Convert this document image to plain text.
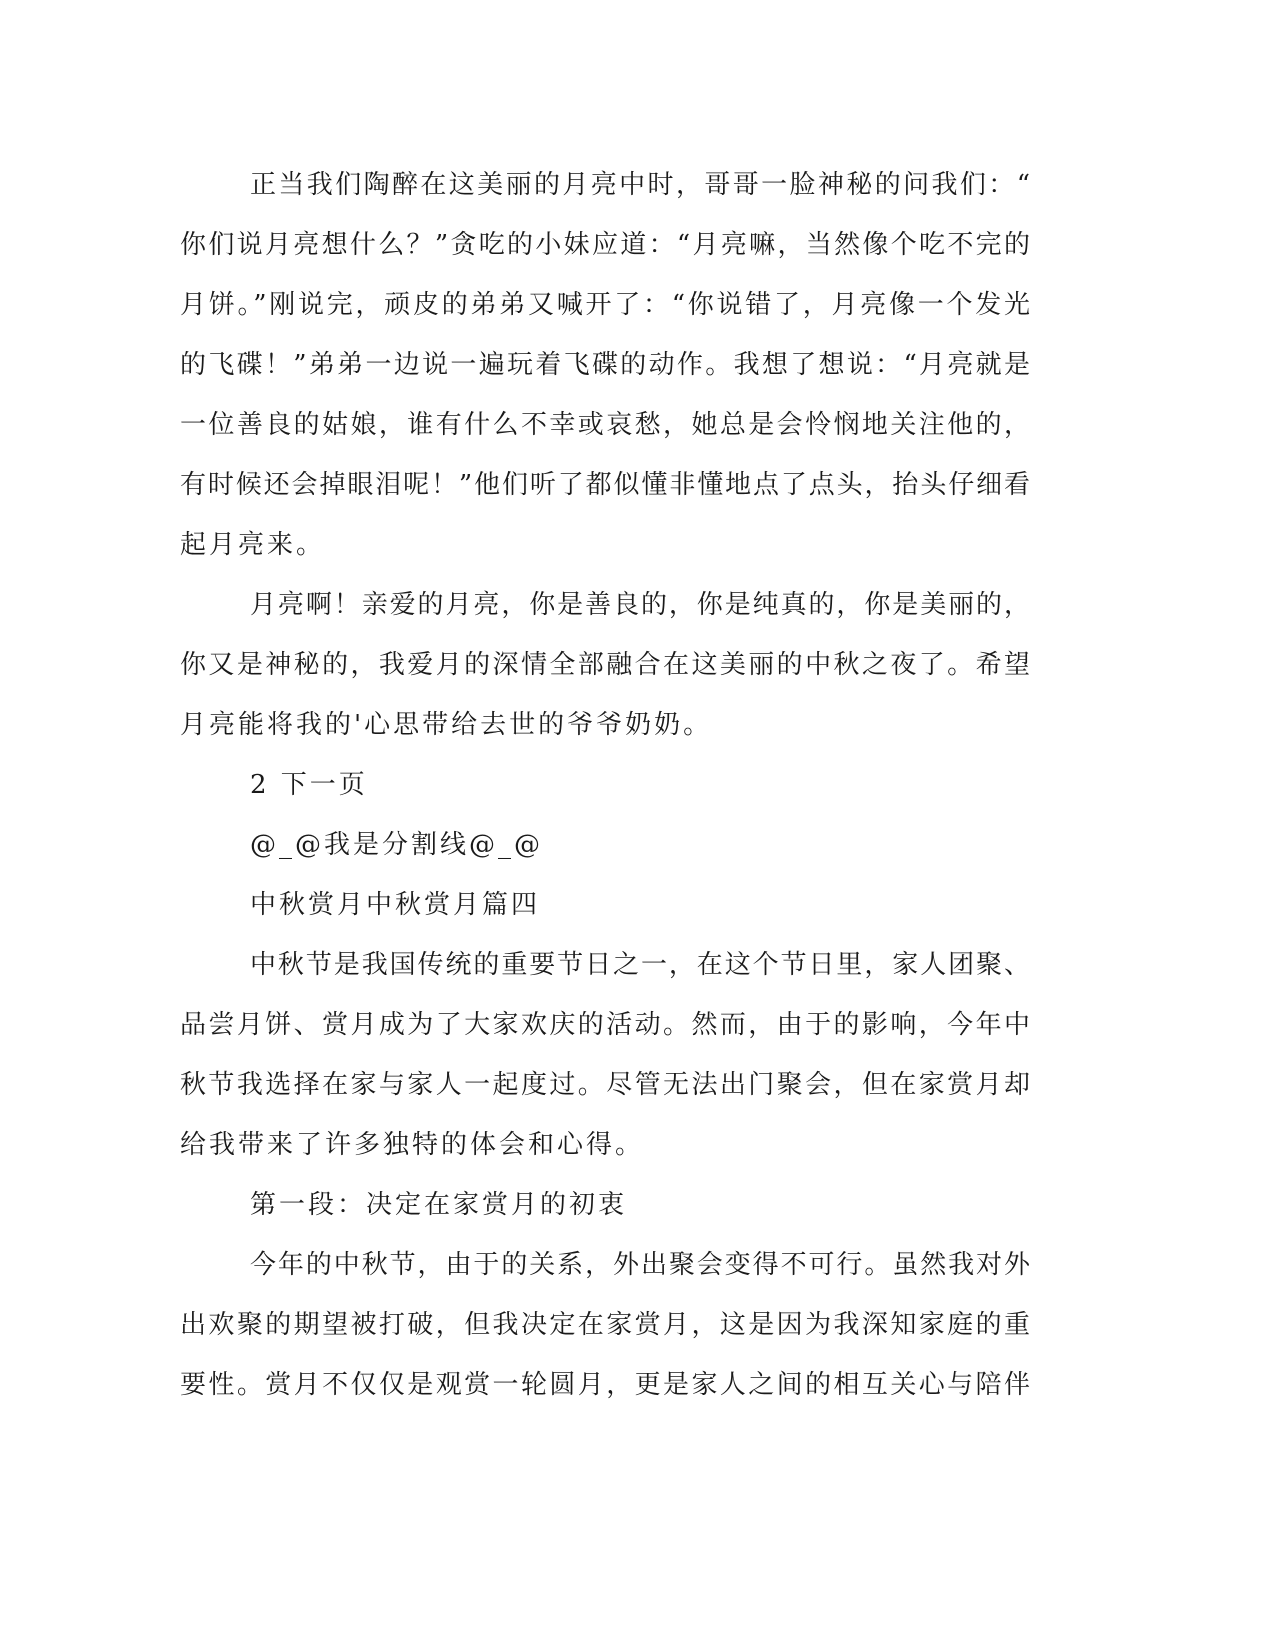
正当我们陶醉在这美丽的月亮中时，哥哥一脸神秘的问我们：“
你们说月亮想什么？”贪吃的小妹应道：“月亮嘛，当然像个吃不完的
月饼。”刚说完，顽皮的弟弟又喊开了：“你说错了，月亮像一个发光
的飞碟！”弟弟一边说一遍玩着飞碟的动作。我想了想说：“月亮就是
一位善良的姑娘，谁有什么不幸或哀愁，她总是会怜悯地关注他的，
有时候还会掉眼泪呢！”他们听了都似懂非懂地点了点头，抬头仔细看
起月亮来。
月亮啊！亲爱的月亮，你是善良的，你是纯真的，你是美丽的，
你又是神秘的，我爱月的深情全部融合在这美丽的中秋之夜了。希望
月亮能将我的'心思带给去世的爷爷奶奶。
2 下一页
@_@我是分割线@_@
中秋赏月中秋赏月篇四
中秋节是我国传统的重要节日之一，在这个节日里，家人团聚、
品尝月饼、赏月成为了大家欢庆的活动。然而，由于的影响，今年中
秋节我选择在家与家人一起度过。尽管无法出门聚会，但在家赏月却
给我带来了许多独特的体会和心得。
第一段：决定在家赏月的初衷
今年的中秋节，由于的关系，外出聚会变得不可行。虽然我对外
出欢聚的期望被打破，但我决定在家赏月，这是因为我深知家庭的重
要性。赏月不仅仅是观赏一轮圆月，更是家人之间的相互关心与陪伴
